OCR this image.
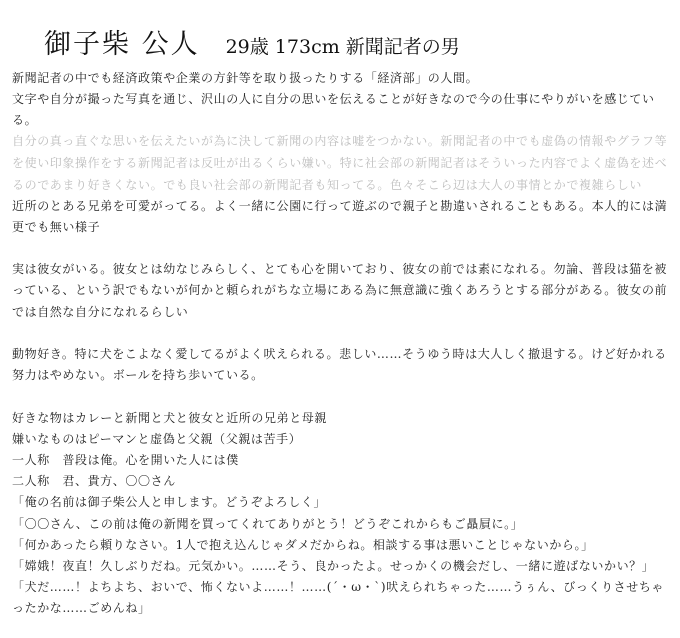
御子柴 公人 29歳 173cm 新聞記者の男

新聞記者の中でも経済政策や企業の方針等を取り扱ったりする「経済部」の人間。

文字や自分が撮った写真を通じ、沢山の人に自分の思いを伝えることが好きなので今の仕事にやりがいを感じている。

自分の真っ直ぐな思いを伝えたいが為に決して新聞の内容は嘘をつかない。新聞記者の中でも虚偽の情報やグラフ等を使い印象操作をする新聞記者は反吐が出るくらい嫌い。特に社会部の新聞記者はそういった内容でよく虚偽を述べるのであまり好きくない。でも良い社会部の新聞記者も知ってる。色々そこら辺は大人の事情とかで複雑らしい

近所のとある兄弟を可愛がってる。よく一緒に公園に行って遊ぶので親子と勘違いされることもある。本人的には満更でも無い様子

実は彼女がいる。彼女とは幼なじみらしく、とても心を開いており、彼女の前では素になれる。勿論、普段は猫を被っている、という訳でもないが何かと頼られがちな立場にある為に無意識に強くあろうとする部分がある。彼女の前では自然な自分になれるらしい

動物好き。特に犬をこよなく愛してるがよく吠えられる。悲しい……そうゆう時は大人しく撤退する。けど好かれる努力はやめない。ボールを持ち歩いている。

好きな物はカレーと新聞と犬と彼女と近所の兄弟と母親
嫌いなものはピーマンと虚偽と父親（父親は苦手）
一人称　普段は俺。心を開いた人には僕
二人称　君、貴方、〇〇さん
「俺の名前は御子柴公人と申します。どうぞよろしく」
「〇〇さん、この前は俺の新聞を買ってくれてありがとう！どうぞこれからもご贔屓に。」
「何かあったら頼りなさい。1人で抱え込んじゃダメだからね。相談する事は悪いことじゃないから。」
「嫦娥！夜直！久しぶりだね。元気かい。……そう、良かったよ。せっかくの機会だし、一緒に遊ばないかい？」
「犬だ……！よちよち、おいで、怖くないよ……！……(´・ω・`)吠えられちゃった……うぅん、びっくりさせちゃったかな……ごめんね」
